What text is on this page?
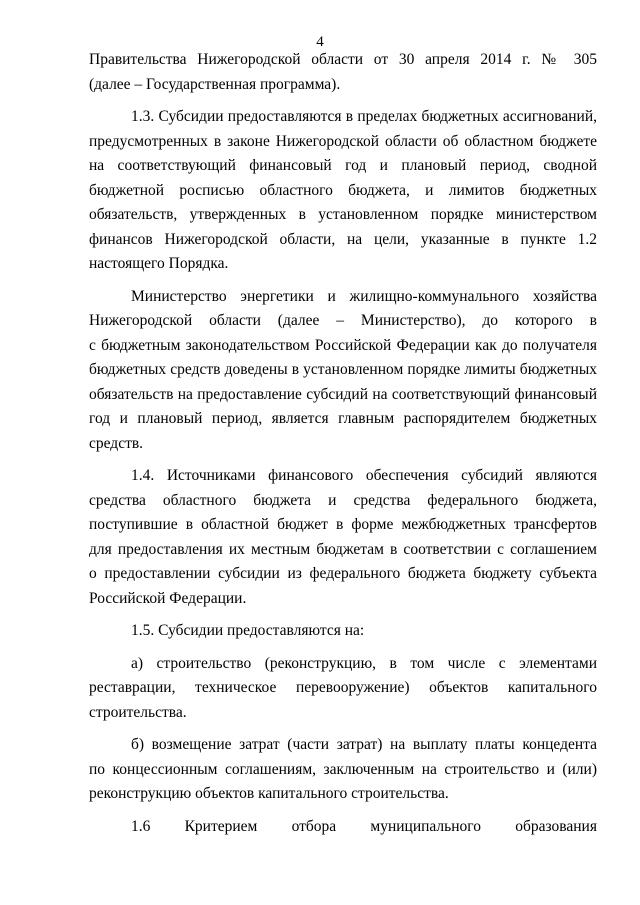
4
Правительства Нижегородской области от 30 апреля 2014 г. № 305
(далее – Государственная программа).
1.3. Субсидии предоставляются в пределах бюджетных ассигнований,
предусмотренных в законе Нижегородской области об областном бюджете
на соответствующий финансовый год и плановый период, сводной
бюджетной росписью областного бюджета, и лимитов бюджетных
обязательств, утвержденных в установленном порядке министерством
финансов Нижегородской области, на цели, указанные в пункте 1.2
настоящего Порядка.
Министерство энергетики и жилищно-коммунального хозяйства
Нижегородской области (далее – Министерство), до которого в
с бюджетным законодательством Российской Федерации как до получателя
бюджетных средств доведены в установленном порядке лимиты бюджетных
обязательств на предоставление субсидий на соответствующий финансовый
год и плановый период, является главным распорядителем бюджетных
средств.
1.4. Источниками финансового обеспечения субсидий являются
средства областного бюджета и средства федерального бюджета,
поступившие в областной бюджет в форме межбюджетных трансфертов
для предоставления их местным бюджетам в соответствии с соглашением
о предоставлении субсидии из федерального бюджета бюджету субъекта
Российской Федерации.
1.5. Субсидии предоставляются на:
а) строительство (реконструкцию, в том числе с элементами
реставрации, техническое перевооружение) объектов капитального
строительства.
б) возмещение затрат (части затрат) на выплату платы концедента
по концессионным соглашениям, заключенным на строительство и (или)
реконструкцию объектов капитального строительства.
1.6 Критерием отбора муниципального образования
